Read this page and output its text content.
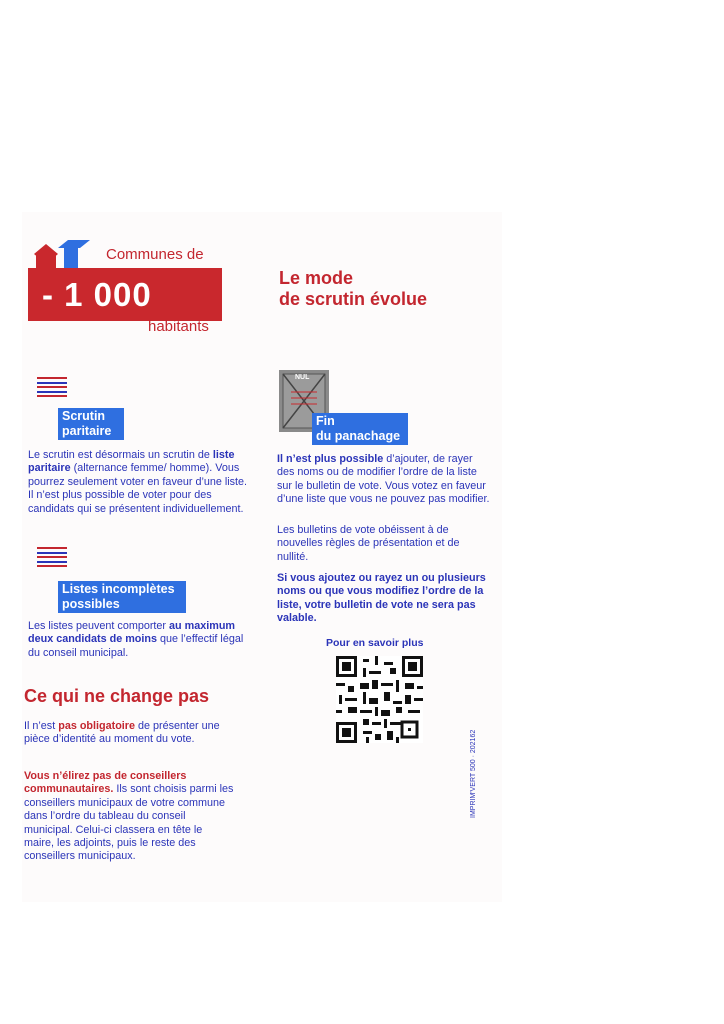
Communes de
- 1 000
habitants
Le mode
de scrutin évolue
Scrutin
paritaire
Le scrutin est désormais un scrutin de liste paritaire (alternance femme/ homme). Vous pourrez seulement voter en faveur d’une liste. Il n’est plus possible de voter pour des candidats qui se présentent individuellement.
Listes incomplètes
possibles
Les listes peuvent comporter au maximum deux candidats de moins que l’effectif légal du conseil municipal.
Ce qui ne change pas
Il n’est pas obligatoire de présenter une pièce d’identité au moment du vote.
Vous n’élirez pas de conseillers communautaires. Ils sont choisis parmi les conseillers municipaux de votre commune dans l’ordre du tableau du conseil municipal. Celui-ci classera en tête le maire, les adjoints, puis le reste des conseillers municipaux.
NUL
Fin
du panachage
Il n’est plus possible d’ajouter, de rayer des noms ou de modifier l’ordre de la liste sur le bulletin de vote. Vous votez en faveur d’une liste que vous ne pouvez pas modifier.
Les bulletins de vote obéissent à de nouvelles règles de présentation et de nullité.
Si vous ajoutez ou rayez un ou plusieurs noms ou que vous modifiez l’ordre de la liste, votre bulletin de vote ne sera pas valable.
Pour en savoir plus
IMPRIM'VERT 500 · 202162
